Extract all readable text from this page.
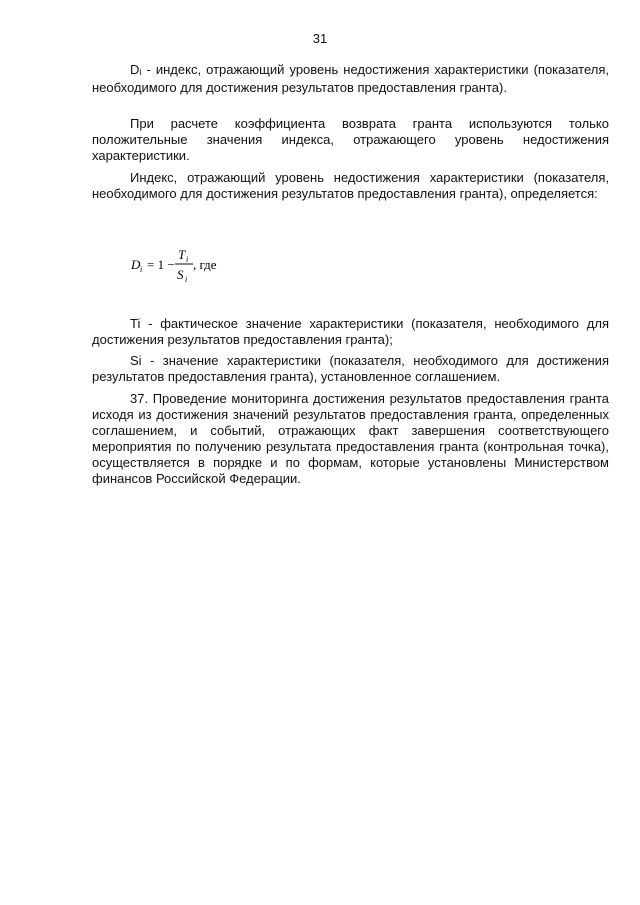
31

Di - индекс, отражающий уровень недостижения характеристики (показателя, необходимого для достижения результатов предоставления гранта).

При расчете коэффициента возврата гранта используются только положительные значения индекса, отражающего уровень недостижения характеристики.

Индекс, отражающий уровень недостижения характеристики (показателя, необходимого для достижения результатов предоставления гранта), определяется:

D i = 1 −
T i
S i
, где

Ti - фактическое значение характеристики (показателя, необходимого для достижения результатов предоставления гранта);

Si - значение характеристики (показателя, необходимого для достижения результатов предоставления гранта), установленное соглашением.

37. Проведение мониторинга достижения результатов предоставления гранта исходя из достижения значений результатов предоставления гранта, определенных соглашением, и событий, отражающих факт завершения соответствующего мероприятия по получению результата предоставления гранта (контрольная точка), осуществляется в порядке и по формам, которые установлены Министерством финансов Российской Федерации.
